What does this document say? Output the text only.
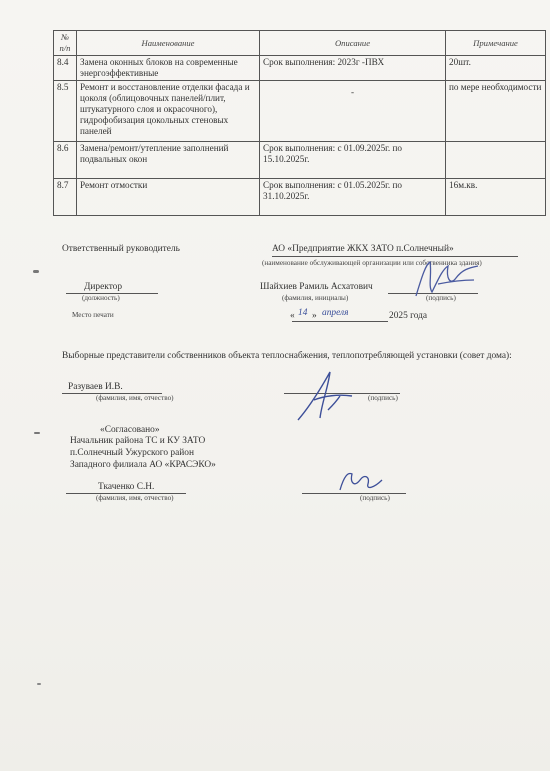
№ п/п	Наименование	Описание	Примечание
8.4	Замена оконных блоков на современные энергоэффективные	Срок выполнения: 2023г -ПВХ	20шт.
8.5	Ремонт и восстановление отделки фасада и цоколя (облицовочных панелей/плит, штукатурного слоя и окрасочного), гидрофобизация цокольных стеновых панелей	-	по мере необходимости
8.6	Замена/ремонт/утепление заполнений подвальных окон	Срок выполнения: с 01.09.2025г. по 15.10.2025г.	
8.7	Ремонт отмостки	Срок выполнения: с 01.05.2025г. по 31.10.2025г.	16м.кв.
Ответственный руководитель	АО «Предприятие ЖКХ ЗАТО п.Солнечный»
(наименование обслуживающей организации или собственника здания)
Директор
(должность)
Шайхиев Рамиль Асхатович
(фамилия, инициалы)	(подпись)
Место печати	« 14 » апреля	2025 года
Выборные представители собственников объекта теплоснабжения, теплопотребляющей установки (совет дома):
Разуваев И.В.
(фамилия, имя, отчество)	(подпись)
«Согласовано»
Начальник района ТС и КУ ЗАТО
п.Солнечный Ужурского район
Западного филиала АО «КРАСЭКО»
Ткаченко С.Н.
(фамилия, имя, отчество)	(подпись)
